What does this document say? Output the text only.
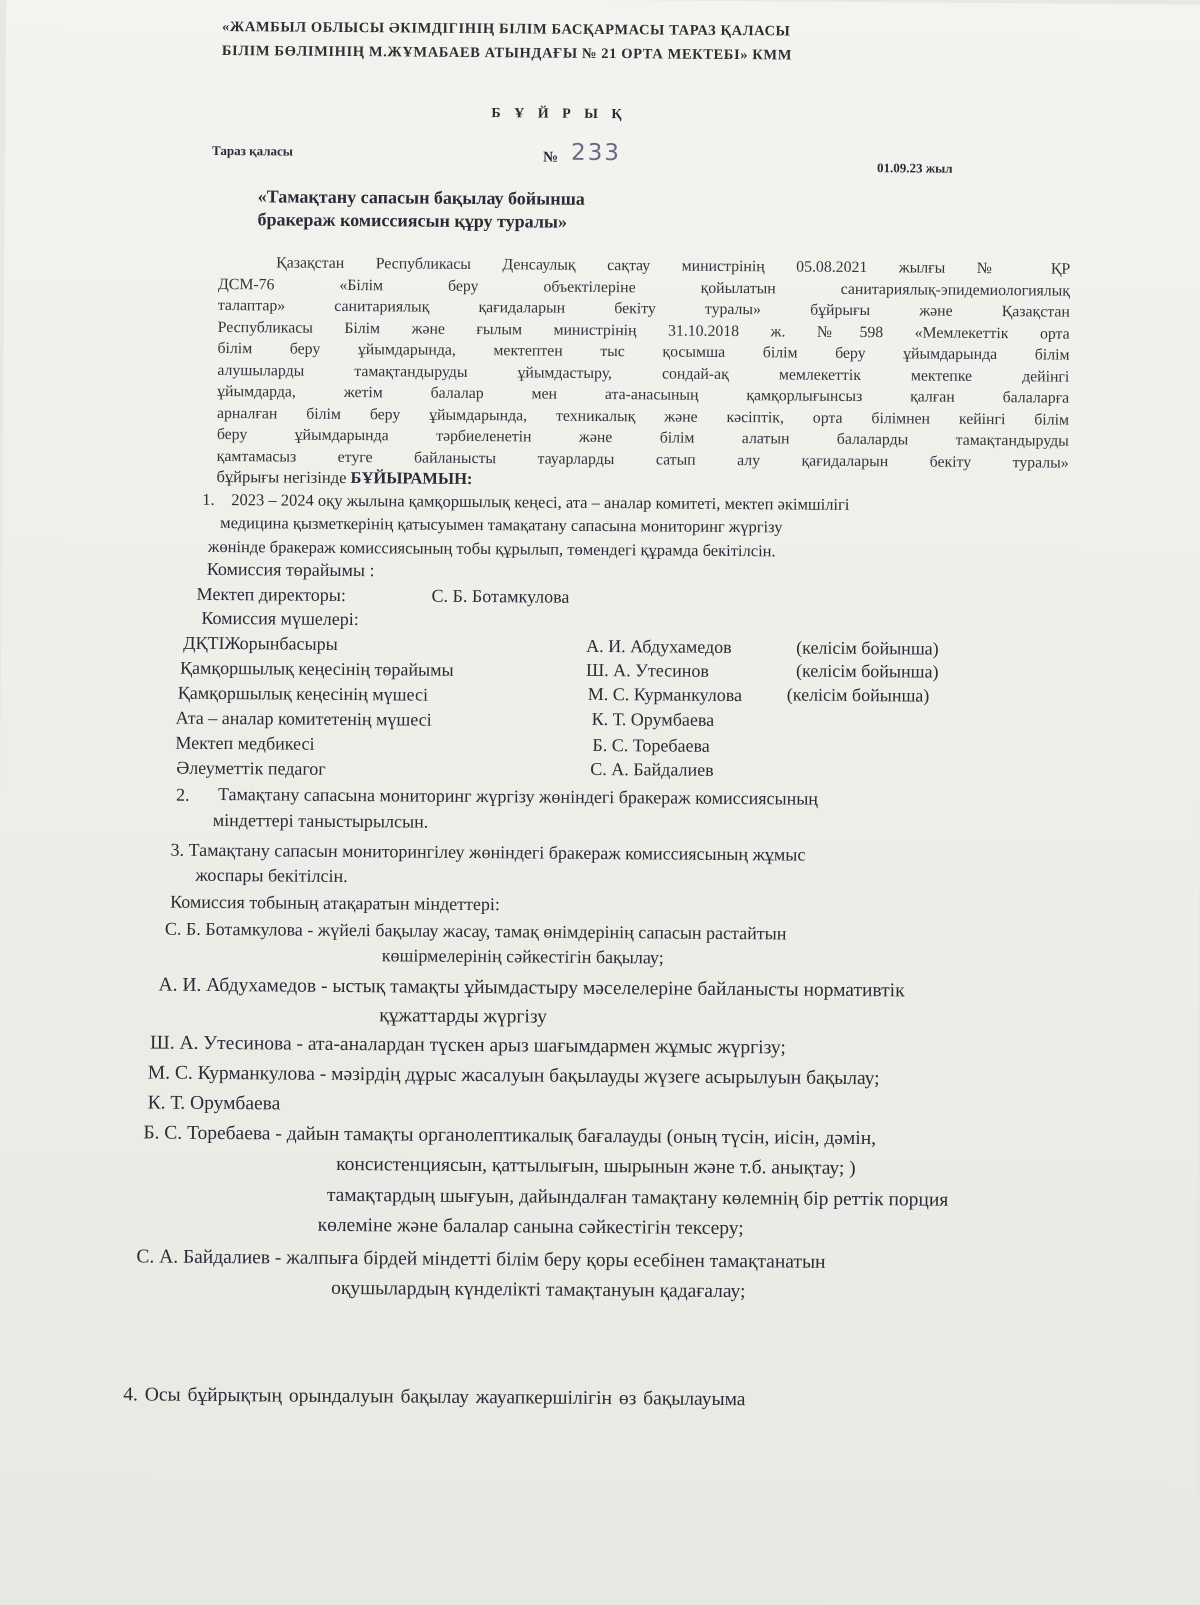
«ЖАМБЫЛ ОБЛЫСЫ ӘКІМДІГІНІҢ БІЛІМ БАСҚАРМАСЫ ТАРАЗ ҚАЛАСЫ
БІЛІМ БӨЛІМІНІҢ М.ЖҰМАБАЕВ АТЫНДАҒЫ № 21 ОРТА МЕКТЕБІ» КММ
Б Ұ Й Р Ы Қ
Тараз қаласы	№ 233
01.09.23 жыл
«Тамақтану сапасын бақылау бойынша
бракераж комиссиясын құру туралы»
Қазақстан Республикасы Денсаулық сақтау министрінің 05.08.2021 жылғы № ҚР
ДСМ-76 «Білім беру объектілеріне қойылатын санитариялық-эпидемиологиялық
талаптар» санитариялық қағидаларын бекіту туралы» бұйрығы және Қазақстан
Республикасы Білім және ғылым министрінің 31.10.2018 ж. №598 «Мемлекеттік орта
білім беру ұйымдарында, мектептен тыс қосымша білім беру ұйымдарында білім
алушыларды тамақтандыруды ұйымдастыру, сондай-ақ мемлекеттік мектепке дейінгі
ұйымдарда, жетім балалар мен ата-анасының қамқорлығынсыз қалған балаларға
арналған білім беру ұйымдарында, техникалық және кәсіптік, орта білімнен кейінгі білім
беру ұйымдарында тәрбиеленетін және білім алатын балаларды тамақтандыруды
қамтамасыз етуге байланысты тауарларды сатып алу қағидаларын бекіту туралы»
бұйрығы негізінде БҰЙЫРАМЫН:
1. 2023 – 2024 оқу жылына қамқоршылық кеңесі, ата – аналар комитеті, мектеп әкімшілігі
медицина қызметкерінің қатысуымен тамақатану сапасына мониторинг жүргізу
жөнінде бракераж комиссиясының тобы құрылып, төмендегі құрамда бекітілсін.
Комиссия төрайымы :
Мектеп директоры:	С. Б. Ботамкулова
Комиссия мүшелері:
ДҚТІЖорынбасыры	А. И. Абдухамедов	(келісім бойынша)
Қамқоршылық кеңесінің төрайымы	Ш. А. Утесинов	(келісім бойынша)
Қамқоршылық кеңесінің мүшесі	М. С. Курманкулова (келісім бойынша)
Ата – аналар комитетенің мүшесі	К. Т. Орумбаева
Мектеп медбикесі	Б. С. Торебаева
Әлеуметтік педагог	С. А. Байдалиев
2. Тамақтану сапасына мониторинг жүргізу жөніндегі бракераж комиссиясының
міндеттері таныстырылсын.
3. Тамақтану сапасын мониторингілеу жөніндегі бракераж комиссиясының жұмыс
жоспары бекітілсін.
Комиссия тобының атақаратын міндеттері:
С. Б. Ботамкулова - жүйелі бақылау жасау, тамақ өнімдерінің сапасын растайтын
көшірмелерінің сәйкестігін бақылау;
А. И. Абдухамедов - ыстық тамақты ұйымдастыру мәселелеріне байланысты нормативтік
құжаттарды жүргізу
Ш. А. Утесинова - ата-аналардан түскен арыз шағымдармен жұмыс жүргізу;
М. С. Курманкулова - мәзірдің дұрыс жасалуын бақылауды жүзеге асырылуын бақылау;
К. Т. Орумбаева
Б. С. Торебаева - дайын тамақты органолептикалық бағалауды (оның түсін, иісін, дәмін,
консистенциясын, қаттылығын, шырынын және т.б. анықтау; )
тамақтардың шығуын, дайындалған тамақтану көлемнің бір реттік порция
көлеміне және балалар санына сәйкестігін тексеру;
С. А. Байдалиев - жалпыға бірдей міндетті білім беру қоры есебінен тамақтанатын
оқушылардың күнделікті тамақтануын қадағалау;
4. Осы бұйрықтың орындалуын бақылау жауапкершілігін өз бақылауыма
